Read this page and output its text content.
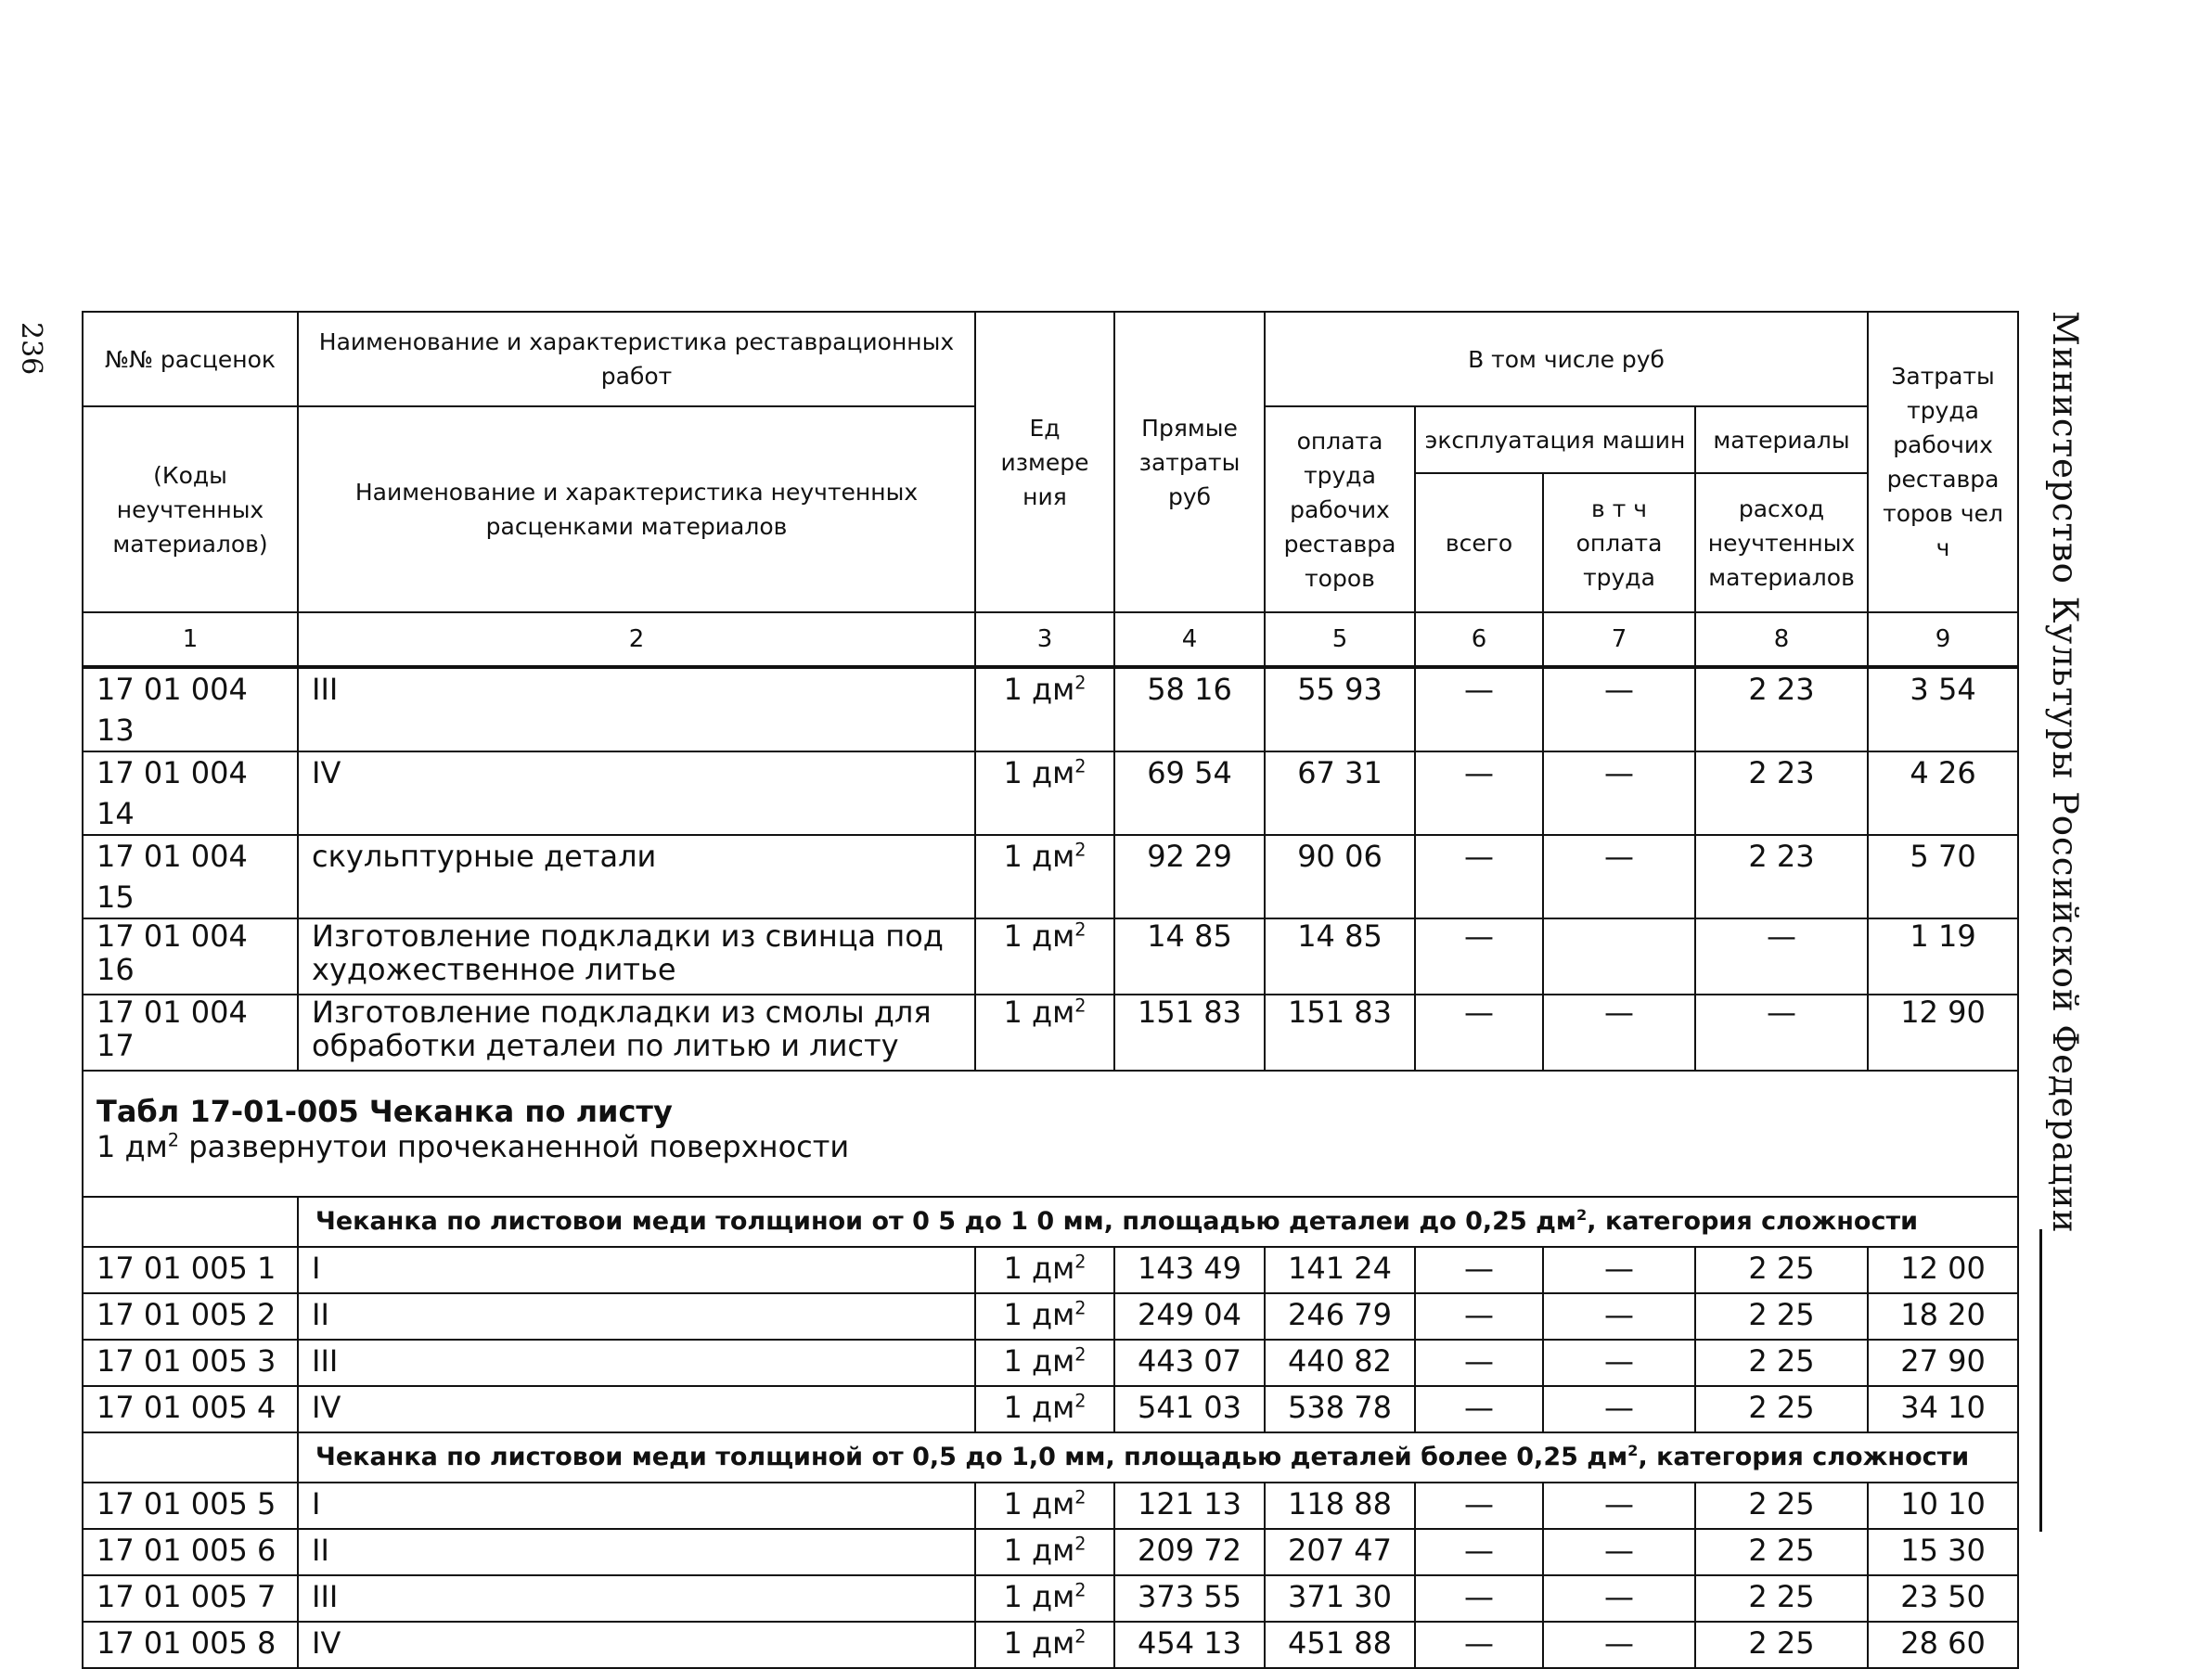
236	Министерство Культуры Российской Федерации
№№ расценок	Наименование и характеристика реставрационных работ	Ед измере ния	Прямые затраты руб	В том числе руб				Затраты труда рабочих реставра торов чел ч
(Коды неучтенных материалов)	Наименование и характеристика неучтенных расценками материалов			оплата труда рабочих реставра торов	эксплуатация машин		материалы	
					всего	в т ч оплата труда	расход неучтенных материалов	
1	2	3	4	5	6	7	8	9
17 01 004 13	III	1 $дм^2$	58 16	55 93	—	—	2 23	3 54
17 01 004 14	IV	1 $дм^2$	69 54	67 31	—	—	2 23	4 26
17 01 004 15	скульптурные детали	1 $дм^2$	92 29	90 06	—	—	2 23	5 70
17 01 004 16	Изготовление подкладки из свинца под художественное литье	1 $дм^2$	14 85	14 85	—		—	1 19
17 01 004 17	Изготовление подкладки из смолы для обработки деталеи по литью и листу	1 $дм^2$	151 83	151 83	—	—	—	12 90
Табл 17-01-005 Чеканка по листу
1 $дм^2$ развернутои прочеканенной поверхности								
	Чеканка по листовои меди толщинои от 0 5 до 1 0 мм, площадью деталеи до 0,25 $дм^2$, категория сложности							
17 01 005 1	I	1 $дм^2$	143 49	141 24	—	—	2 25	12 00
17 01 005 2	II	1 $дм^2$	249 04	246 79	—	—	2 25	18 20
17 01 005 3	III	1 $дм^2$	443 07	440 82	—	—	2 25	27 90
17 01 005 4	IV	1 $дм^2$	541 03	538 78	—	—	2 25	34 10
	Чеканка по листовои меди толщиной от 0,5 до 1,0 мм, площадью деталей более 0,25 $дм^2$, категория сложности							
17 01 005 5	I	1 $дм^2$	121 13	118 88	—	—	2 25	10 10
17 01 005 6	II	1 $дм^2$	209 72	207 47	—	—	2 25	15 30
17 01 005 7	III	1 $дм^2$	373 55	371 30	—	—	2 25	23 50
17 01 005 8	IV	1 $дм^2$	454 13	451 88	—	—	2 25	28 60
